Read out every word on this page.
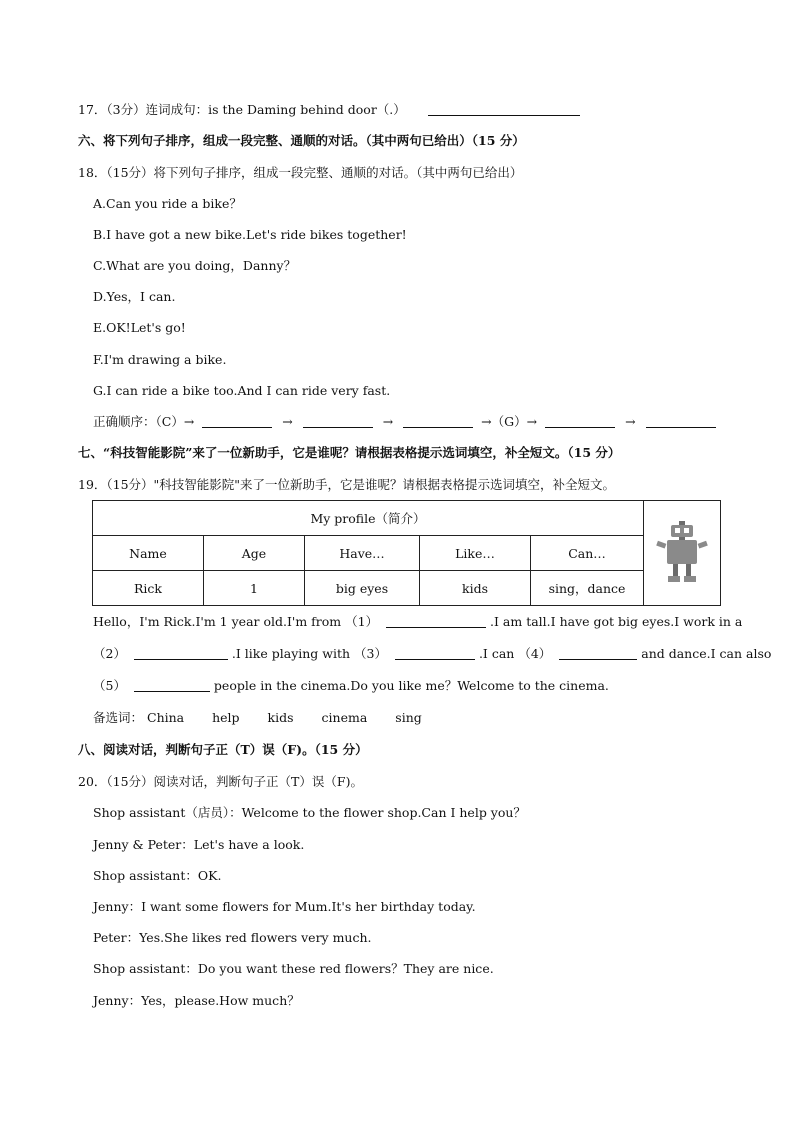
17．（3分）连词成句：is the Daming behind door（.）
六、将下列句子排序，组成一段完整、通顺的对话。（其中两句已给出）（15 分）
18．（15分）将下列句子排序，组成一段完整、通顺的对话。（其中两句已给出）
A.Can you ride a bike？
B.I have got a new bike.Let's ride bikes together!
C.What are you doing，Danny？
D.Yes，I can.
E.OK!Let's go!
F.I'm drawing a bike.
G.I can ride a bike too.And I can ride very fast.
正确顺序：（C）→	→	→	→（G）→	→
七、“科技智能影院”来了一位新助手，它是谁呢？请根据表格提示选词填空，补全短文。（15 分）
19．（15分）"科技智能影院"来了一位新助手，它是谁呢？请根据表格提示选词填空，补全短文。
My profile（简介）	
Name	Age	Have…	Like…	Can…	
Rick	1	big eyes	kids	sing，dance	
Hello，I'm Rick.I'm 1 year old.I'm from （1）	.I am tall.I have got big eyes.I work in a
（2）	.I like playing with （3）	.I can （4）	and dance.I can also
（5）	people in the cinema.Do you like me？Welcome to the cinema.
备选词： China help kids cinema sing
八、阅读对话，判断句子正（T）误（F)。（15 分）
20．（15分）阅读对话，判断句子正（T）误（F)。
Shop assistant（店员）：Welcome to the flower shop.Can I help you？
Jenny & Peter：Let's have a look.
Shop assistant：OK.
Jenny：I want some flowers for Mum.It's her birthday today.
Peter：Yes.She likes red flowers very much.
Shop assistant：Do you want these red flowers？They are nice.
Jenny：Yes，please.How much？
